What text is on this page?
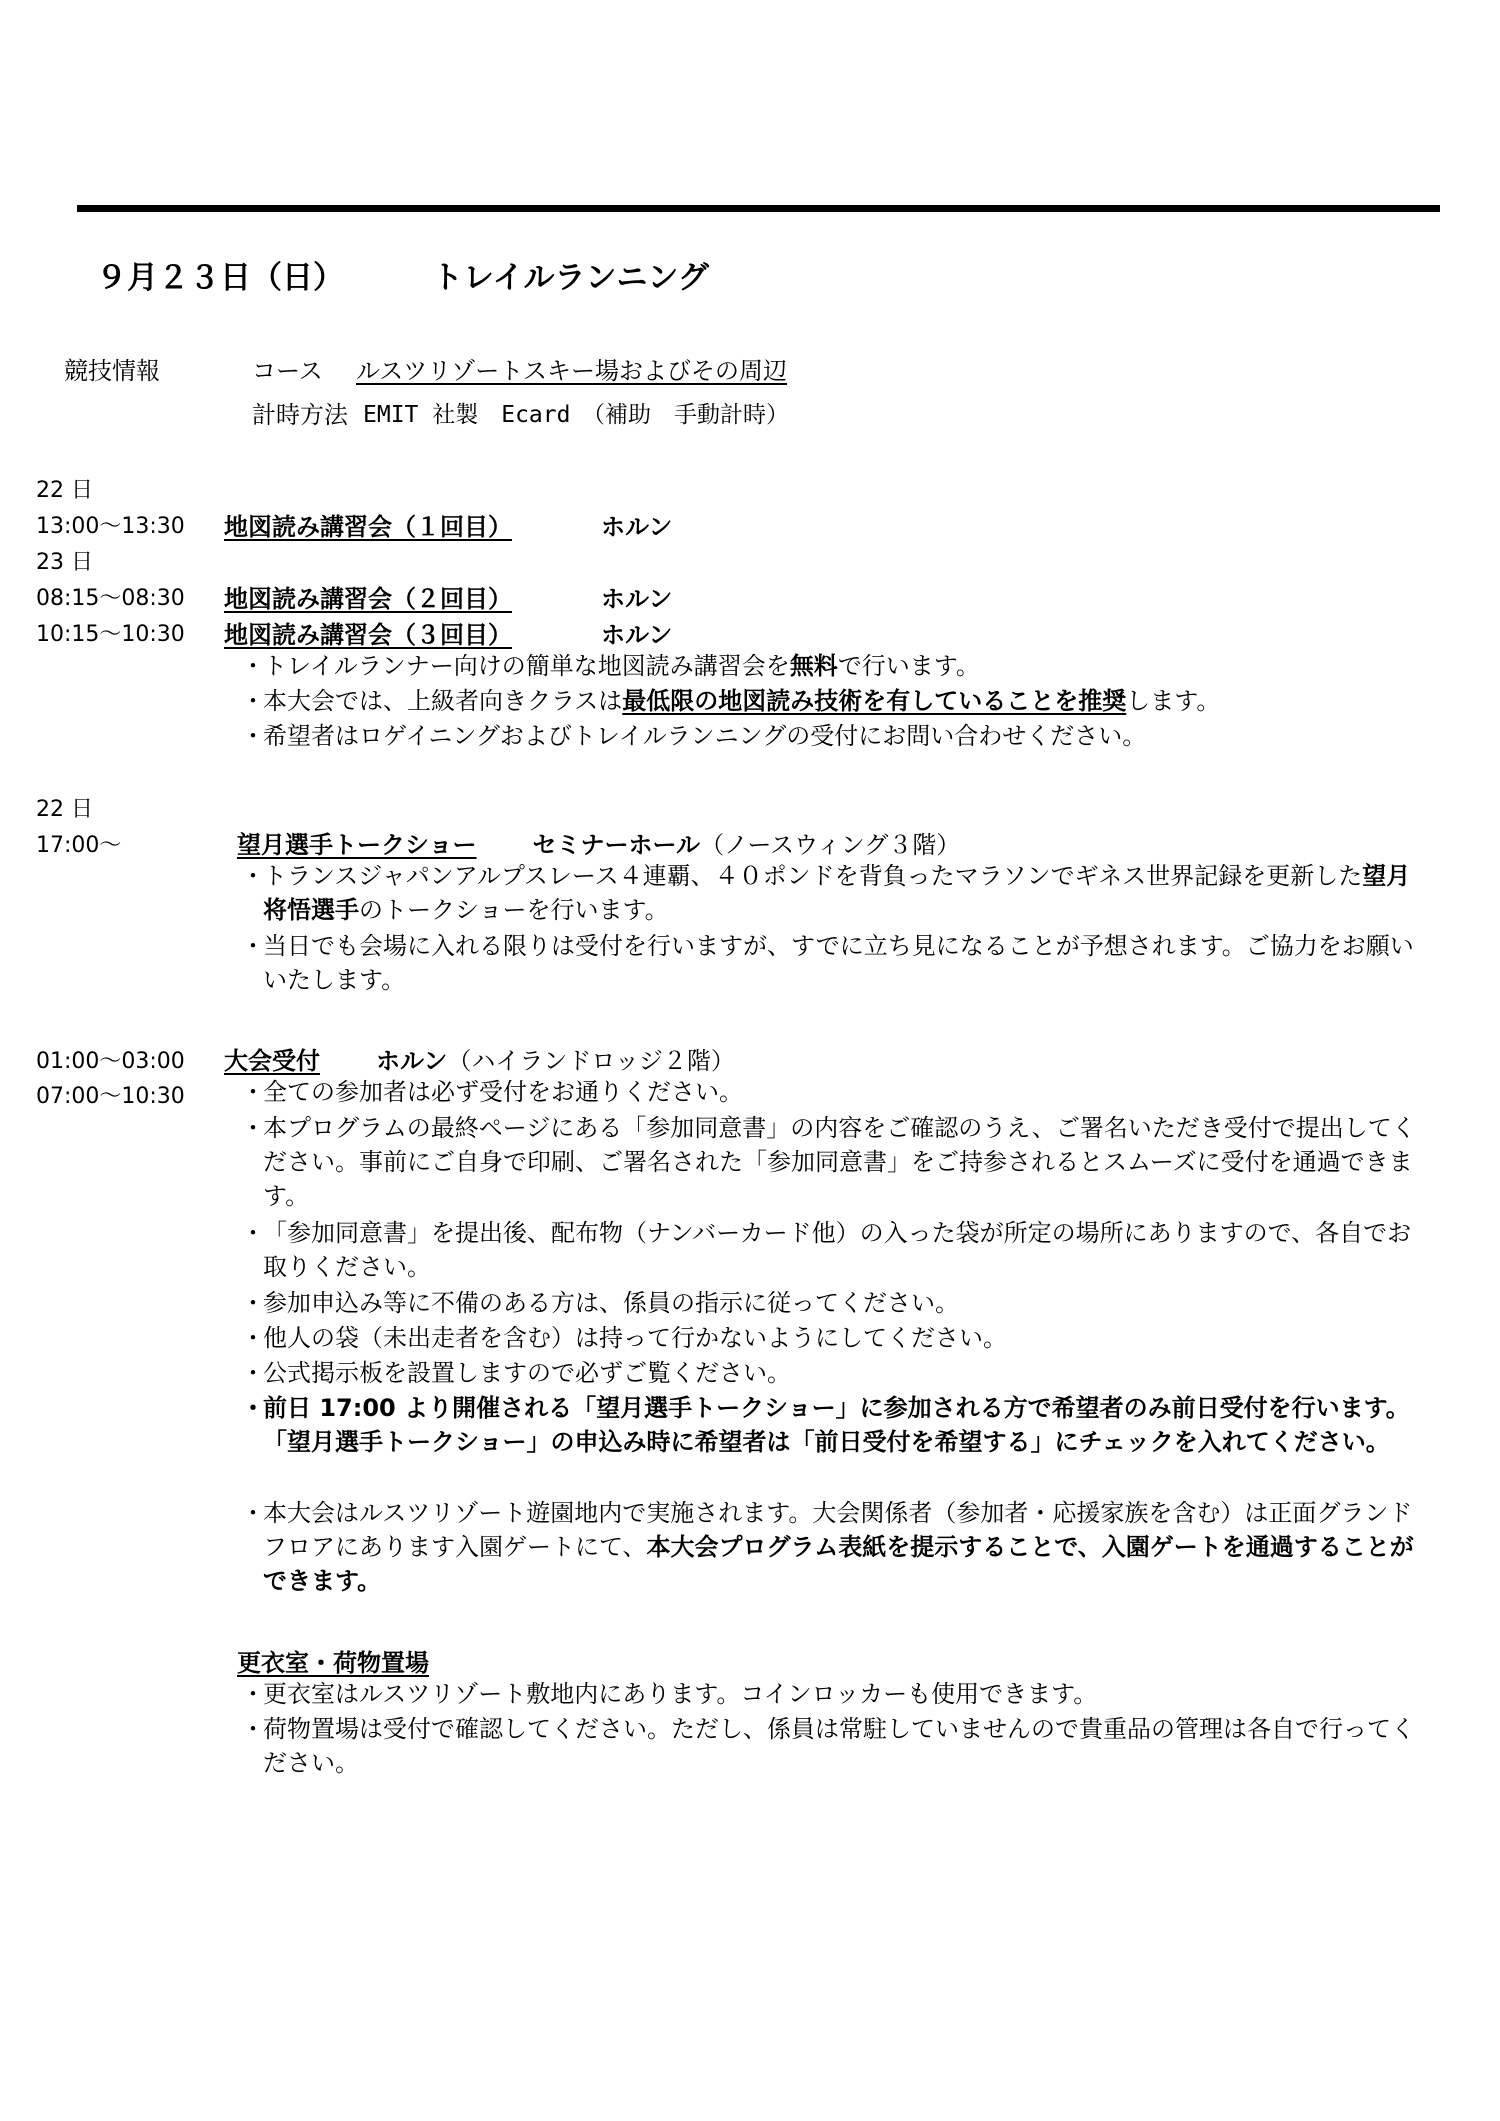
９月２３日（日）	トレイルランニング
競技情報	コース ルスツリゾートスキー場およびその周辺
計時方法 EMIT 社製　Ecard　（補助　手動計時）
22 日
13:00～13:30 地図読み講習会（１回目）	ホルン
23 日
08:15～08:30 地図読み講習会（２回目）	ホルン
10:15～10:30 地図読み講習会（３回目）	ホルン
・
トレイルランナー向けの簡単な地図読み講習会を無料で行います。
・
本大会では、上級者向きクラスは最低限の地図読み技術を有していることを推奨します。
・
希望者はロゲイニングおよびトレイルランニングの受付にお問い合わせください。
22 日
17:00～	望月選手トークショー セミナーホール（ノースウィング３階）
・
トランスジャパンアルプスレース４連覇、４０ポンドを背負ったマラソンでギネス世界記録を更新した望月将悟選手のトークショーを行います。
・
当日でも会場に入れる限りは受付を行いますが、すでに立ち見になることが予想されます。ご協力をお願いいたします。
01:00～03:00
07:00～10:30
大会受付 ホルン（ハイランドロッジ２階）
・
全ての参加者は必ず受付をお通りください。
・
本プログラムの最終ページにある「参加同意書」の内容をご確認のうえ、ご署名いただき受付で提出してください。事前にご自身で印刷、ご署名された「参加同意書」をご持参されるとスムーズに受付を通過できます。
・
「参加同意書」を提出後、配布物（ナンバーカード他）の入った袋が所定の場所にありますので、各自でお取りください。
・
参加申込み等に不備のある方は、係員の指示に従ってください。
・
他人の袋（未出走者を含む）は持って行かないようにしてください。
・
公式掲示板を設置しますので必ずご覧ください。
・
前日 17:00 より開催される「望月選手トークショー」に参加される方で希望者のみ前日受付を行います。「望月選手トークショー」の申込み時に希望者は「前日受付を希望する」にチェックを入れてください。
・
本大会はルスツリゾート遊園地内で実施されます。大会関係者（参加者・応援家族を含む）は正面グランドフロアにあります入園ゲートにて、本大会プログラム表紙を提示することで、入園ゲートを通過することができます。
更衣室・荷物置場
・
更衣室はルスツリゾート敷地内にあります。コインロッカーも使用できます。
・
荷物置場は受付で確認してください。ただし、係員は常駐していませんので貴重品の管理は各自で行ってください。
